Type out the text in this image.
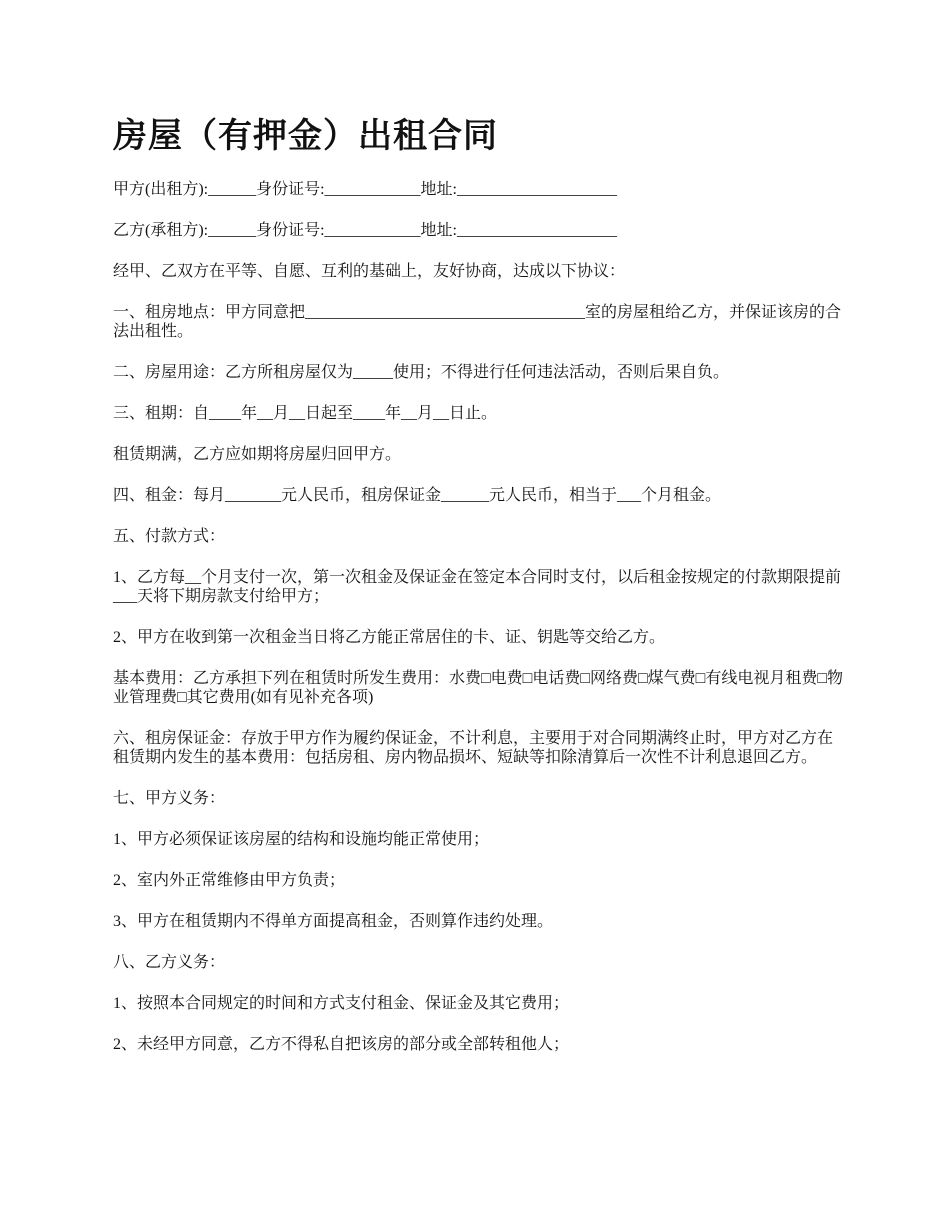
房屋（有押金）出租合同

甲方(出租方):______身份证号:____________地址:____________________

乙方(承租方):______身份证号:____________地址:____________________

经甲、乙双方在平等、自愿、互利的基础上，友好协商，达成以下协议：

一、租房地点：甲方同意把___________________________________室的房屋租给乙方，并保证该房的合法出租性。

二、房屋用途：乙方所租房屋仅为_____使用；不得进行任何违法活动，否则后果自负。

三、租期：自____年__月__日起至____年__月__日止。

租赁期满，乙方应如期将房屋归回甲方。

四、租金：每月_______元人民币，租房保证金______元人民币，相当于___个月租金。

五、付款方式：

1、乙方每__个月支付一次，第一次租金及保证金在签定本合同时支付，以后租金按规定的付款期限提前___天将下期房款支付给甲方；

2、甲方在收到第一次租金当日将乙方能正常居住的卡、证、钥匙等交给乙方。

基本费用：乙方承担下列在租赁时所发生费用：水费□电费□电话费□网络费□煤气费□有线电视月租费□物业管理费□其它费用(如有见补充各项)

六、租房保证金：存放于甲方作为履约保证金，不计利息，主要用于对合同期满终止时，甲方对乙方在租赁期内发生的基本费用：包括房租、房内物品损坏、短缺等扣除清算后一次性不计利息退回乙方。

七、甲方义务：

1、甲方必须保证该房屋的结构和设施均能正常使用；

2、室内外正常维修由甲方负责；

3、甲方在租赁期内不得单方面提高租金，否则算作违约处理。

八、乙方义务：

1、按照本合同规定的时间和方式支付租金、保证金及其它费用；

2、未经甲方同意，乙方不得私自把该房的部分或全部转租他人；
